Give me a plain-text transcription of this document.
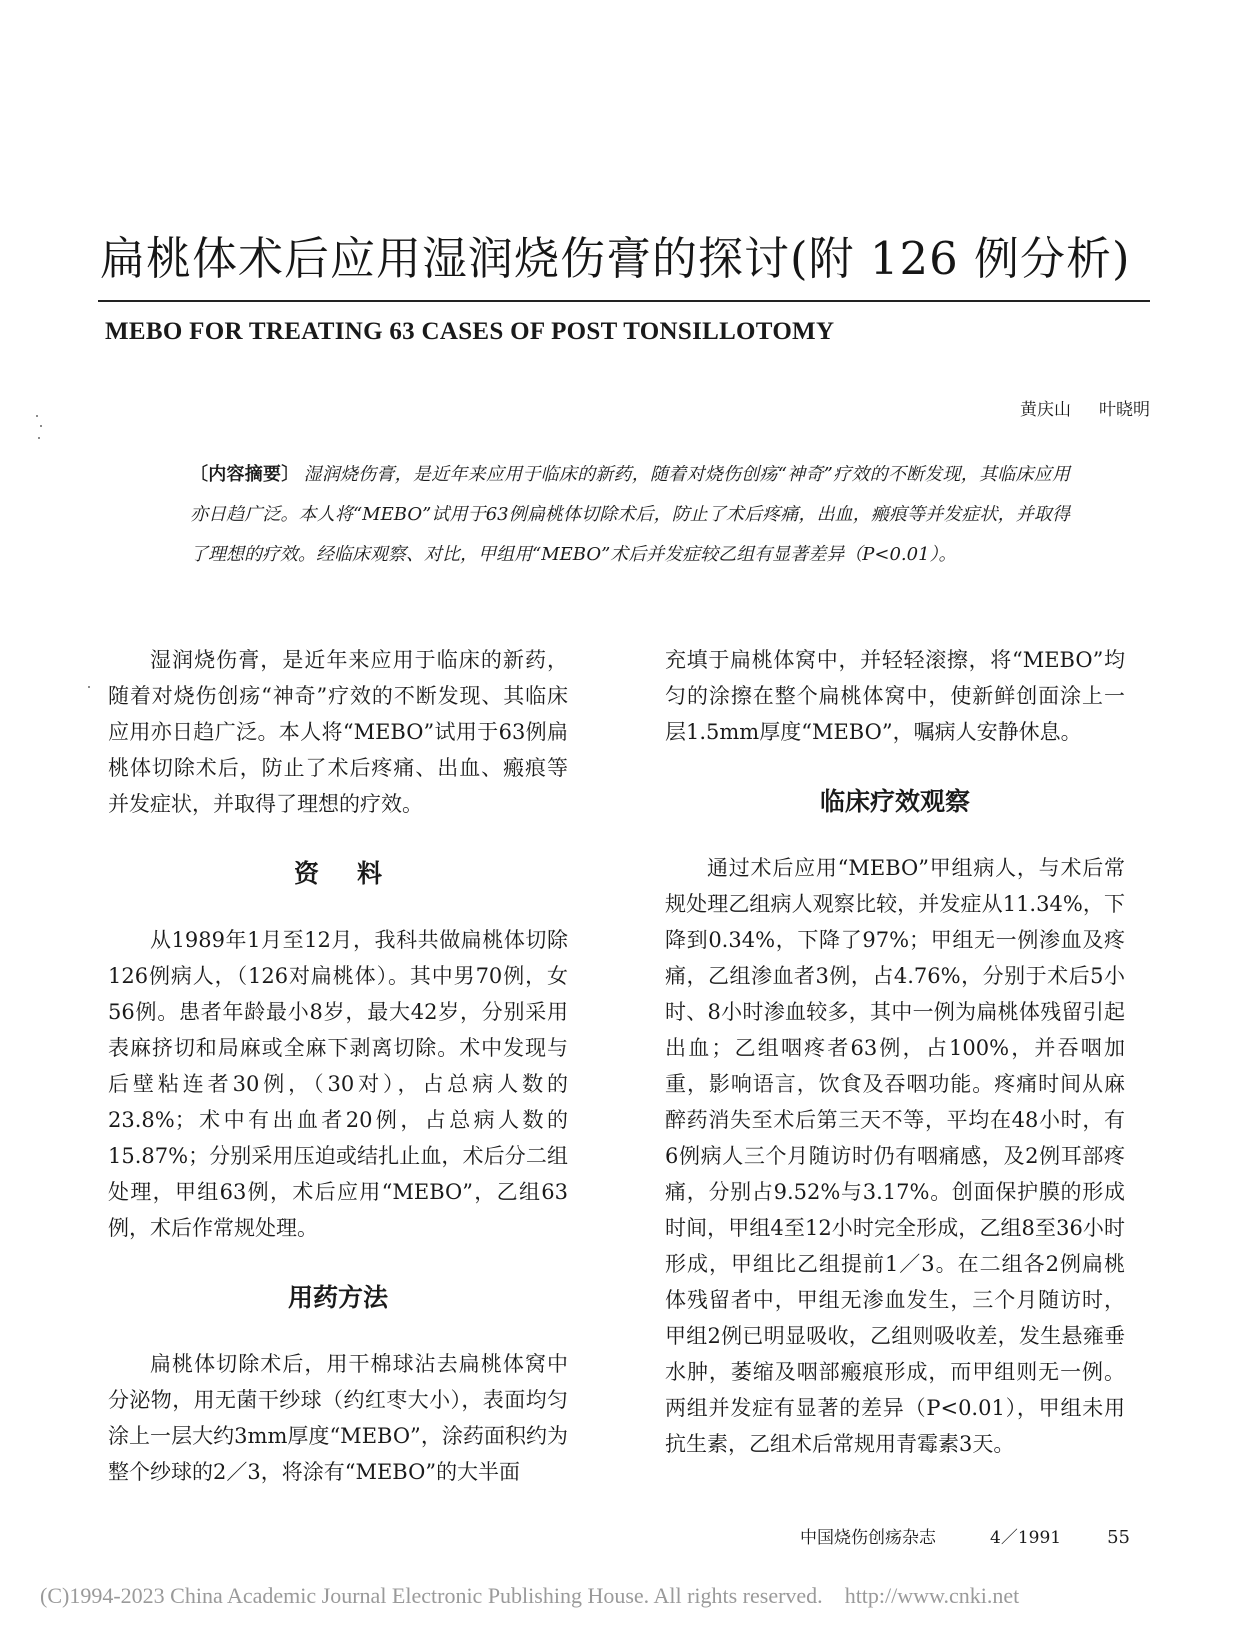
扁桃体术后应用湿润烧伤膏的探讨(附 126 例分析)
MEBO FOR TREATING 63 CASES OF POST TONSILLOTOMY
黄庆山 叶晓明
〔内容摘要〕 湿润烧伤膏，是近年来应用于临床的新药，随着对烧伤创疡“神奇”疗效的不断发现，其临床应用亦日趋广泛。本人将“MEBO”试用于63例扁桃体切除术后，防止了术后疼痛，出血，瘢痕等并发症状，并取得了理想的疗效。经临床观察、对比，甲组用“MEBO”术后并发症较乙组有显著差异（P<0.01）。

湿润烧伤膏，是近年来应用于临床的新药，随着对烧伤创疡“神奇”疗效的不断发现、其临床应用亦日趋广泛。本人将“MEBO”试用于63例扁桃体切除术后，防止了术后疼痛、出血、瘢痕等并发症状，并取得了理想的疗效。

资料

从1989年1月至12月，我科共做扁桃体切除126例病人，（126对扁桃体）。其中男70例，女56例。患者年龄最小8岁，最大42岁，分别采用表麻挤切和局麻或全麻下剥离切除。术中发现与后壁粘连者30例，（30对），占总病人数的23.8%；术中有出血者20例，占总病人数的15.87%；分别采用压迫或结扎止血，术后分二组处理，甲组63例，术后应用“MEBO”，乙组63例，术后作常规处理。

用药方法

扁桃体切除术后，用干棉球沾去扁桃体窝中分泌物，用无菌干纱球（约红枣大小），表面均匀涂上一层大约3mm厚度“MEBO”，涂药面积约为整个纱球的2／3，将涂有“MEBO”的大半面

充填于扁桃体窝中，并轻轻滚擦，将“MEBO”均匀的涂擦在整个扁桃体窝中，使新鲜创面涂上一层1.5mm厚度“MEBO”，嘱病人安静休息。

临床疗效观察

通过术后应用“MEBO”甲组病人，与术后常规处理乙组病人观察比较，并发症从11.34%，下降到0.34%，下降了97%；甲组无一例渗血及疼痛，乙组渗血者3例，占4.76%，分别于术后5小时、8小时渗血较多，其中一例为扁桃体残留引起出血；乙组咽疼者63例，占100%，并吞咽加重，影响语言，饮食及吞咽功能。疼痛时间从麻醉药消失至术后第三天不等，平均在48小时，有6例病人三个月随访时仍有咽痛感，及2例耳部疼痛，分别占9.52%与3.17%。创面保护膜的形成时间，甲组4至12小时完全形成，乙组8至36小时形成，甲组比乙组提前1／3。在二组各2例扁桃体残留者中，甲组无渗血发生，三个月随访时，甲组2例已明显吸收，乙组则吸收差，发生悬雍垂水肿，萎缩及咽部瘢痕形成，而甲组则无一例。两组并发症有显著的差异（P<0.01），甲组未用抗生素，乙组术后常规用青霉素3天。

中国烧伤创疡杂志	4／1991	55
(C)1994-2023 China Academic Journal Electronic Publishing House. All rights reserved. http://www.cnki.net
